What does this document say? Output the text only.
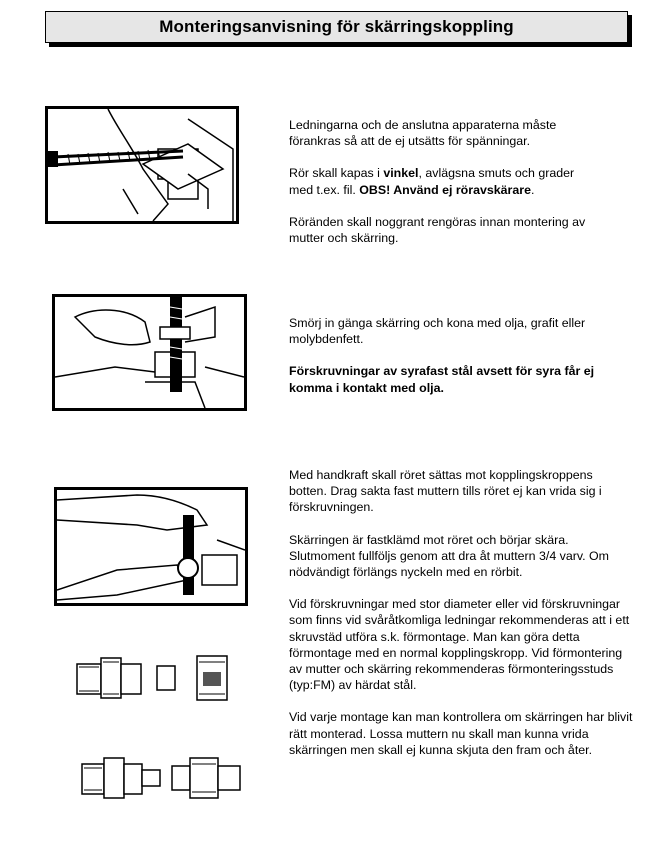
Monteringsanvisning för skärringskoppling

Ledningarna och de anslutna apparaterna måste förankras så att de ej utsätts för spänningar.

Rör skall kapas i vinkel, avlägsna smuts och grader med t.ex. fil. OBS! Använd ej röravskärare.

Röränden skall noggrant rengöras innan montering av mutter och skärring.

Smörj in gänga skärring och kona med olja, grafit eller molybdenfett.

Förskruvningar av syrafast stål avsett för syra får ej komma i kontakt med olja.

Med handkraft skall röret sättas mot kopplingskroppens botten. Drag sakta fast muttern tills röret ej kan vrida sig i förskruvningen.

Skärringen är fastklämd mot röret och börjar skära. Slutmoment fullföljs genom att dra åt muttern 3/4 varv. Om nödvändigt förlängs nyckeln med en rörbit.

Vid förskruvningar med stor diameter eller vid förskruvningar som finns vid svåråtkomliga ledningar rekommenderas att i ett skruvstäd utföra s.k. förmontage. Man kan göra detta förmontage med en normal kopplingskropp. Vid förmontering av mutter och skärring rekommenderas förmonteringsstuds (typ:FM) av härdat stål.

Vid varje montage kan man kontrollera om skärringen har blivit rätt monterad. Lossa muttern nu skall man kunna vrida skärringen men skall ej kunna skjuta den fram och åter.
